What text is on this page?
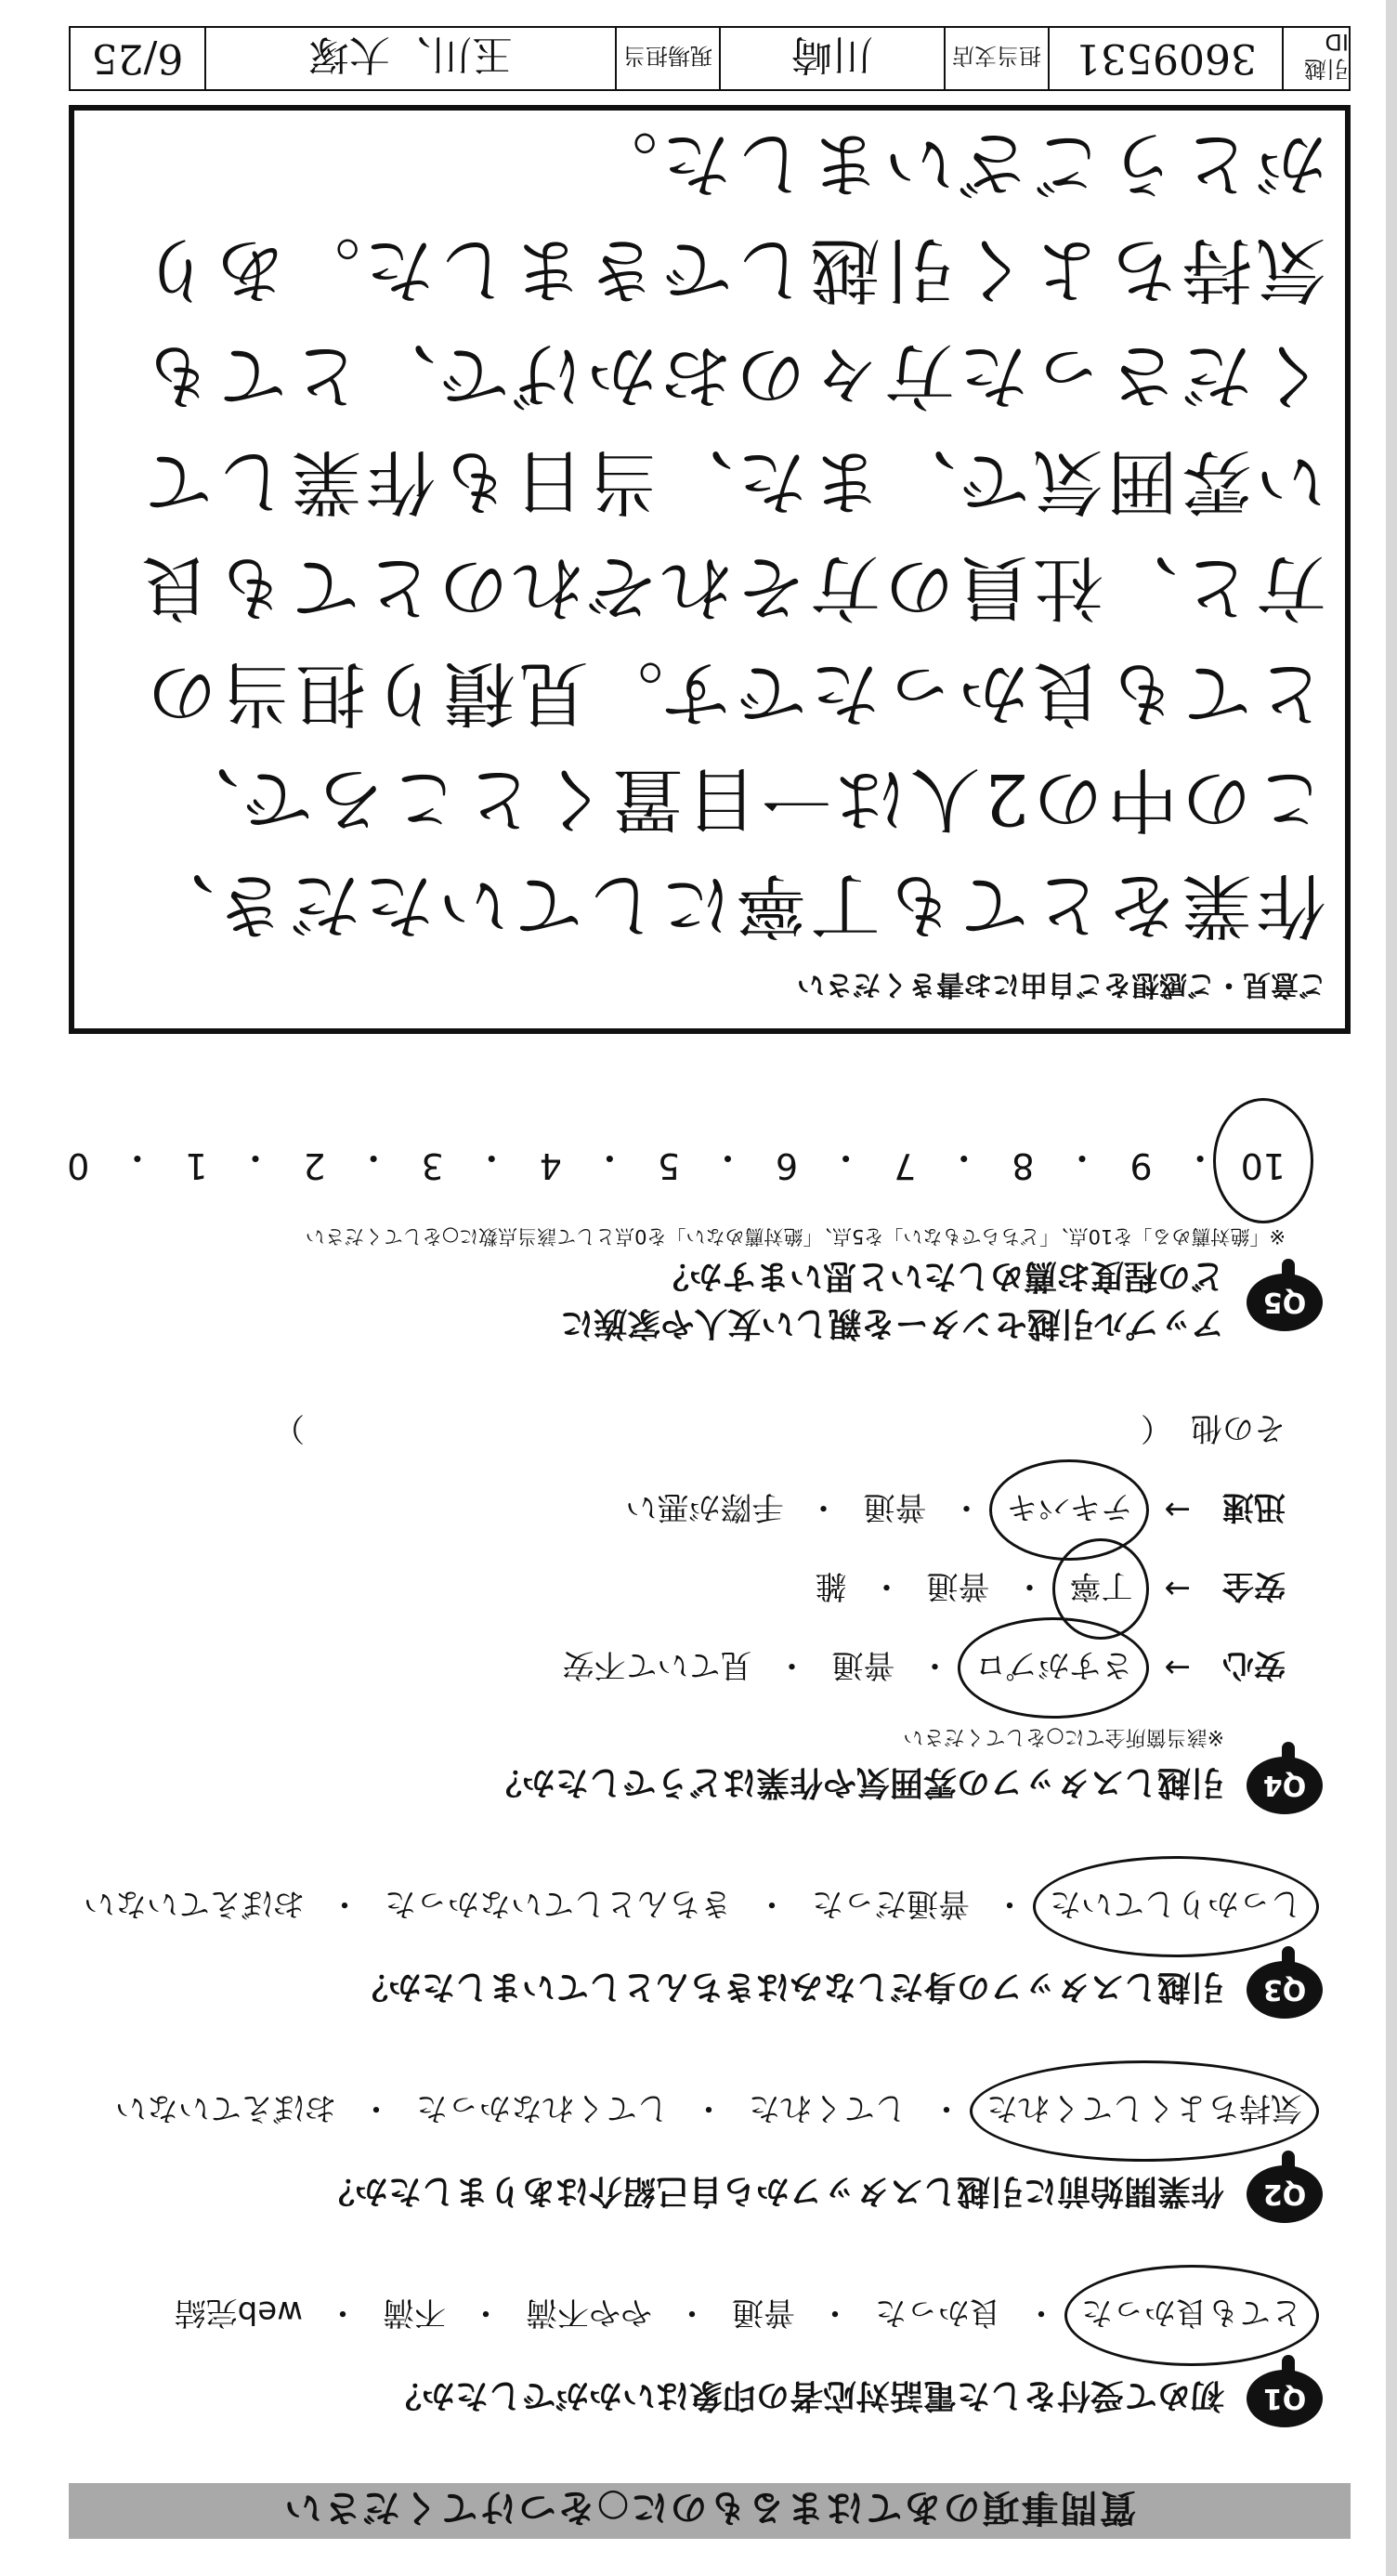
質問事項のあてはまるものに○をつけてください
Q1
初めて受付をした電話対応者の印象はいかがでしたか？
とても良かった
・
良かった
・
普通
・
やや不満
・
不満
・
web完結
Q2
作業開始前に引越しスタッフから自己紹介はありましたか？
気持ちよくしてくれた
・
してくれた
・
してくれなかった
・
おぼえていない
Q3
引越しスタッフの身だしなみはきちんとしていましたか？
しっかりしていた
・
普通だった
・
きちんとしていなかった
・
おぼえていない
Q4
引越しスタッフの雰囲気や作業はどうでしたか？
※該当箇所全てに○をしてください
安心
→
さすがプロ
・
普通
・
見ていて不安
安全
→
丁寧
・
普通
・
雑
迅速
→
テキパキ
・
普通
・
手際が悪い
その他
（
）
Q5
アップル引越センターを親しい友人や家族に
どの程度お薦めしたいと思いますか？
※「絶対薦める」を10点、「どちらでもない」を5点、「絶対薦めない」を0点として該当点数に○をしてください
10
・
9
・
8
・
7
・
6
・
5
・
4
・
3
・
2
・
1
・
0
ご意見・ご感想をご自由にお書きください
作業をとても丁寧にしていただき、この中の2人は一目置くところで、とても良かったです。見積り担当の方と、社員の方それぞれのとても良い雰囲気で、また、当日も作業してくださった方々のおかげで、とても気持ちよく引越しできました。ありがとうございました。
引越ID
3609531
担当支店
川崎
現場担当
玉川、大塚
6/25
